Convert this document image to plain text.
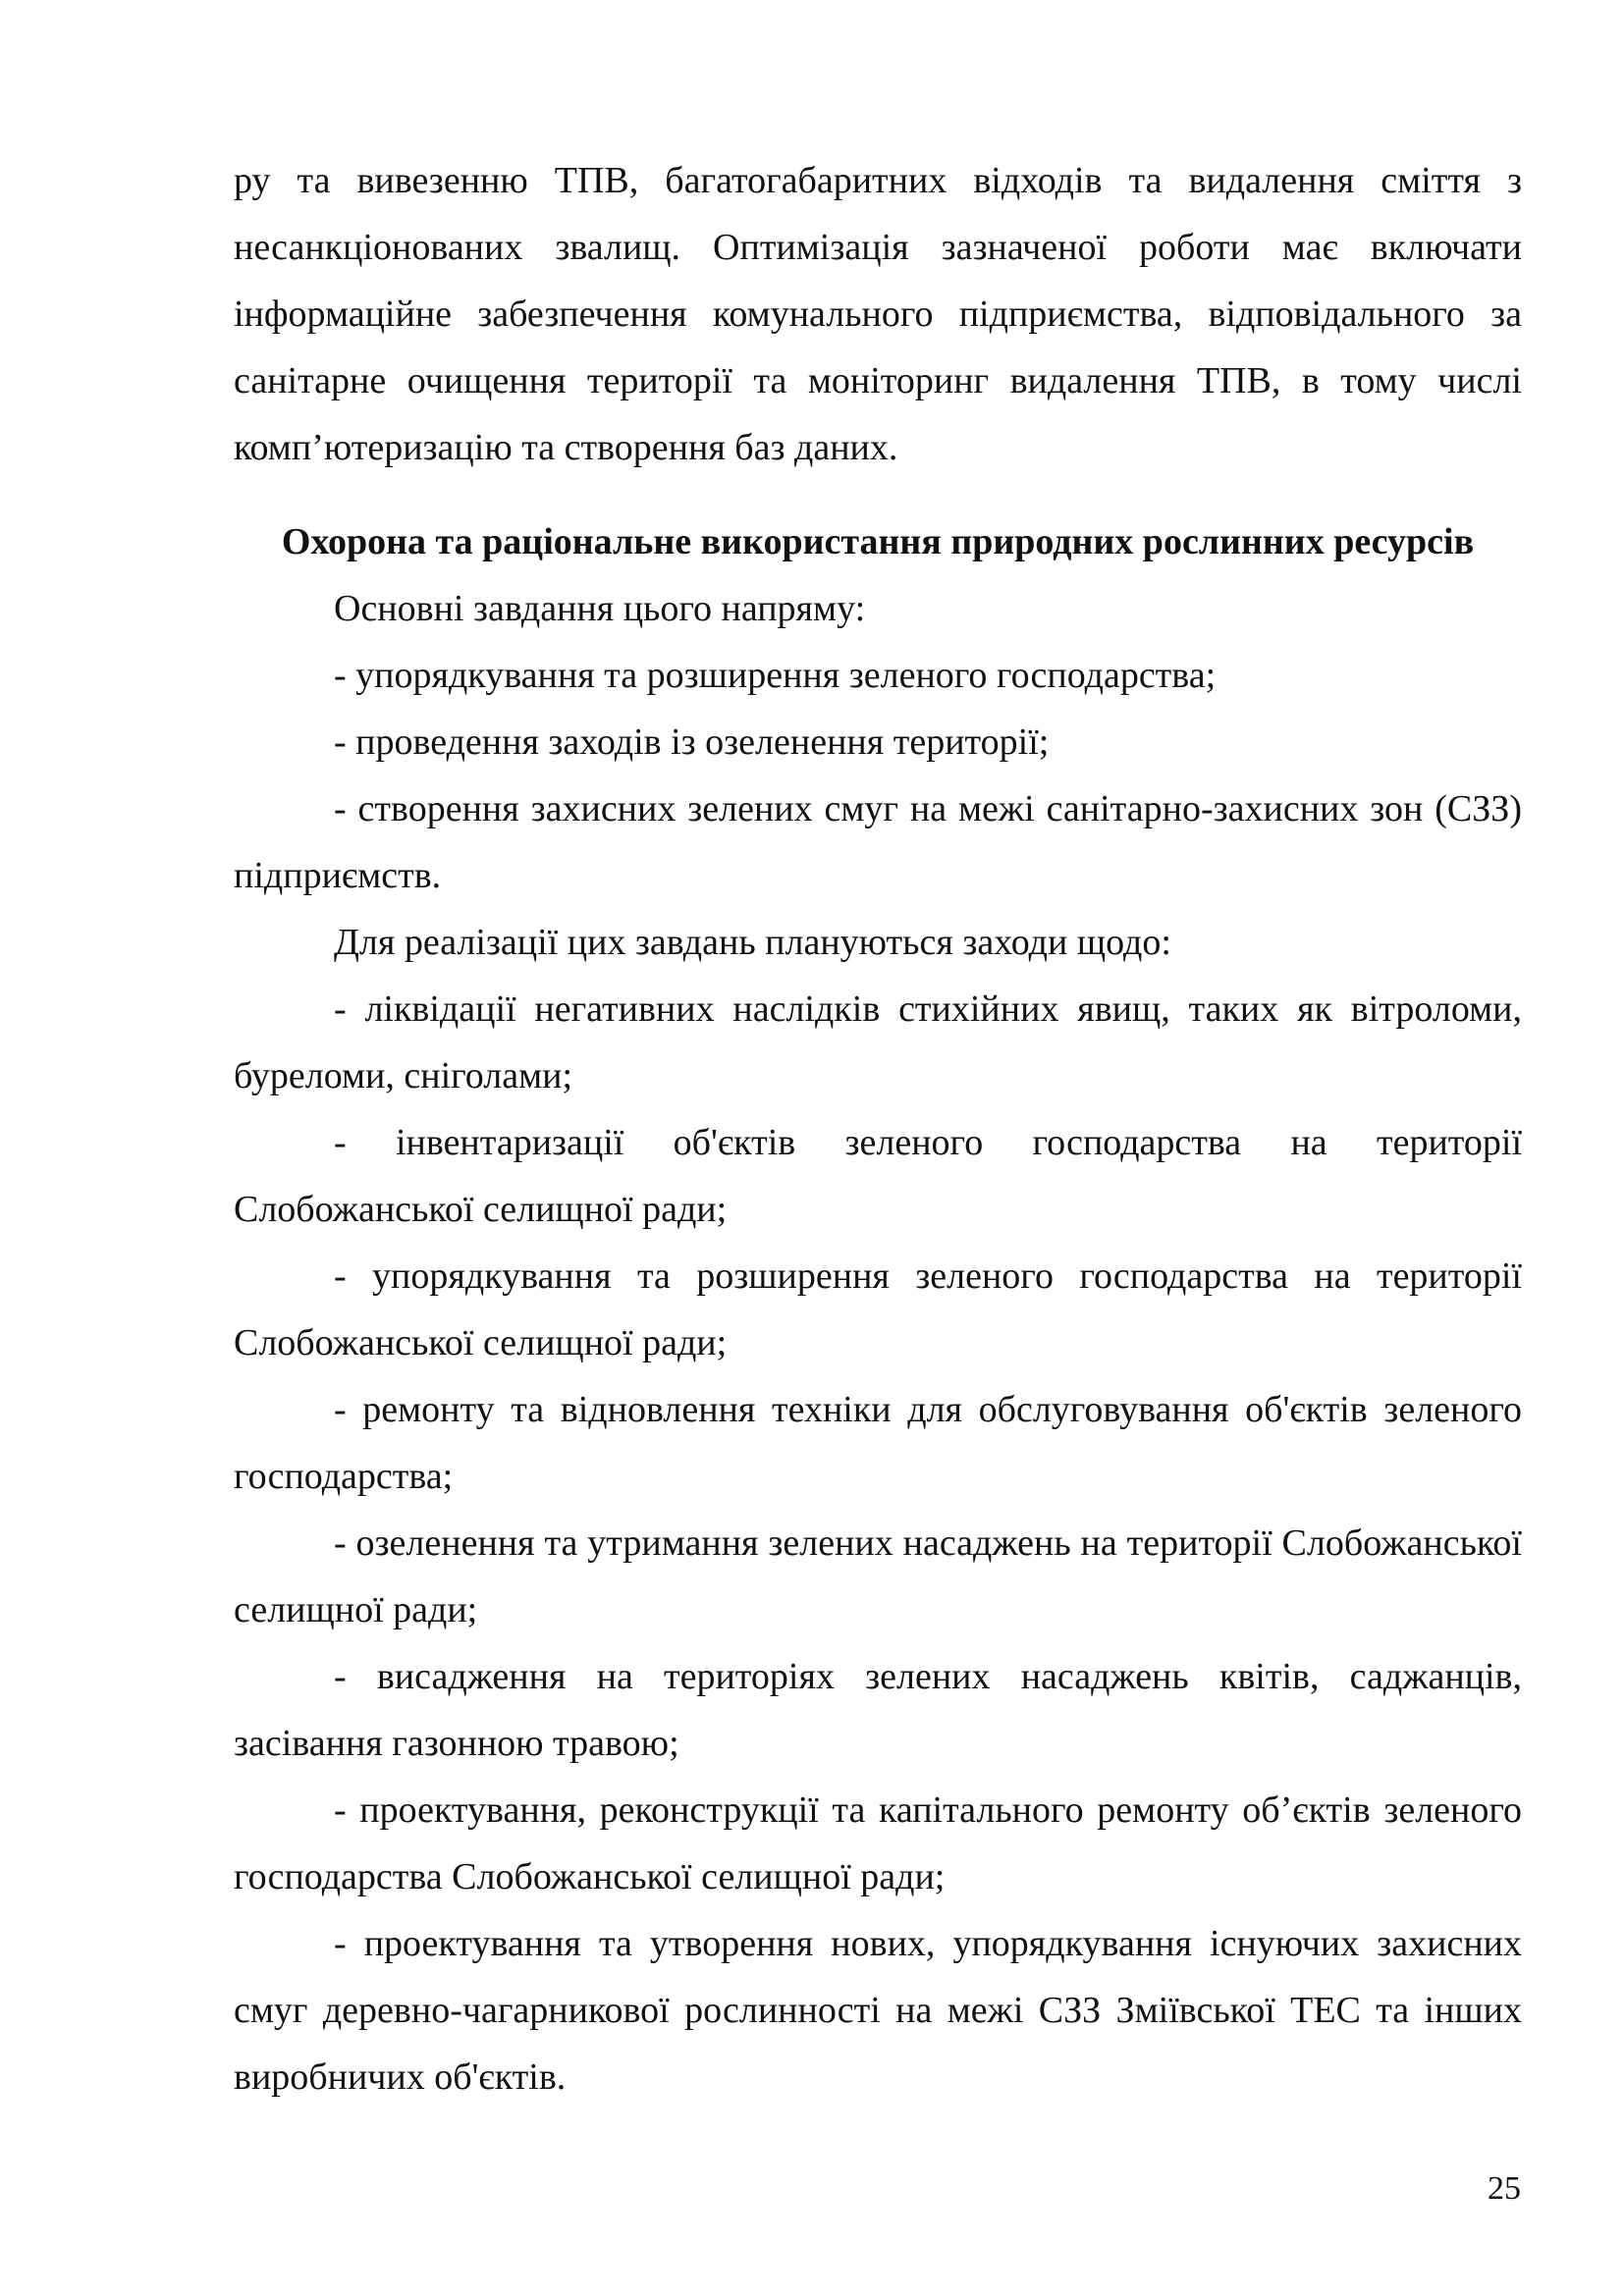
ру та вивезенню ТПВ, багатогабаритних відходів та видалення сміття з несанкціонованих звалищ. Оптимізація зазначеної роботи має включати інформаційне забезпечення комунального підприємства, відповідального за санітарне очищення території та моніторинг видалення ТПВ, в тому числі комп’ютеризацію та створення баз даних.

Охорона та раціональне використання природних рослинних ресурсів

Основні завдання цього напряму:

- упорядкування та розширення зеленого господарства;

- проведення заходів із озеленення території;

- створення захисних зелених смуг на межі санітарно-захисних зон (СЗЗ) підприємств.

Для реалізації цих завдань плануються заходи щодо:

- ліквідації негативних наслідків стихійних явищ, таких як вітроломи, буреломи, сніголами;

- інвентаризації об'єктів зеленого господарства на території Слобожанської селищної ради;

- упорядкування та розширення зеленого господарства на території Слобожанської селищної ради;

- ремонту та відновлення техніки для обслуговування об'єктів зеленого господарства;

- озеленення та утримання зелених насаджень на території Слобожанської селищної ради;

- висадження на територіях зелених насаджень квітів, саджанців, засівання газонною травою;

- проектування, реконструкції та капітального ремонту об’єктів зеленого господарства Слобожанської селищної ради;

- проектування та утворення нових, упорядкування існуючих захисних смуг деревно-чагарникової рослинності на межі СЗЗ Зміївської ТЕС та інших виробничих об'єктів.

25
